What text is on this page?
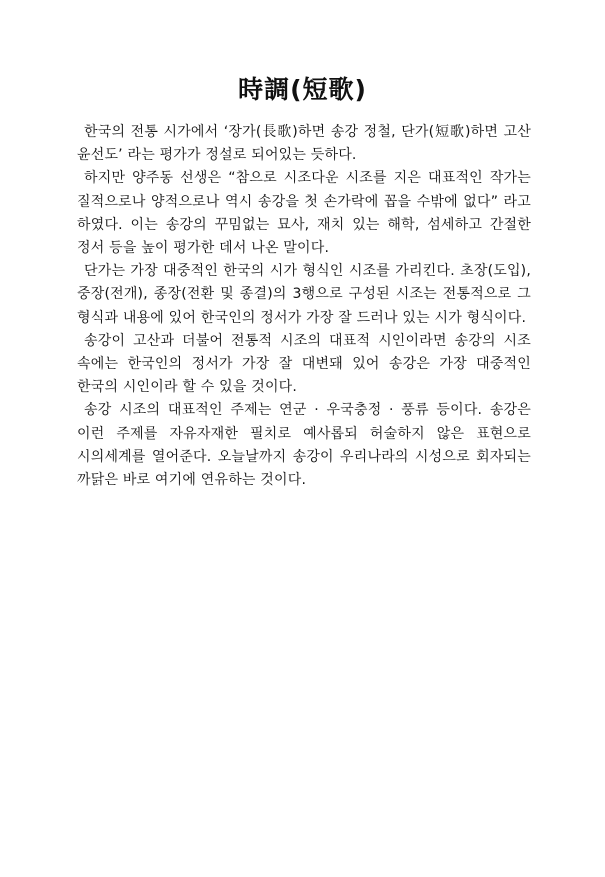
時調(短歌)

한국의 전통 시가에서 ‘장가(長歌)하면 송강 정철, 단가(短歌)하면 고산 윤선도’ 라는 평가가 정설로 되어있는 듯하다.

하지만 양주동 선생은 “참으로 시조다운 시조를 지은 대표적인 작가는 질적으로나 양적으로나 역시 송강을 첫 손가락에 꼽을 수밖에 없다” 라고 하였다. 이는 송강의 꾸밈없는 묘사, 재치 있는 해학, 섬세하고 간절한 정서 등을 높이 평가한 데서 나온 말이다.

단가는 가장 대중적인 한국의 시가 형식인 시조를 가리킨다. 초장(도입), 중장(전개), 종장(전환 및 종결)의 3행으로 구성된 시조는 전통적으로 그 형식과 내용에 있어 한국인의 정서가 가장 잘 드러나 있는 시가 형식이다.

송강이 고산과 더불어 전통적 시조의 대표적 시인이라면 송강의 시조 속에는 한국인의 정서가 가장 잘 대변돼 있어 송강은 가장 대중적인 한국의 시인이라 할 수 있을 것이다.

송강 시조의 대표적인 주제는 연군 · 우국충정 · 풍류 등이다. 송강은 이런 주제를 자유자재한 필치로 예사롭되 허술하지 않은 표현으로 시의세계를 열어준다. 오늘날까지 송강이 우리나라의 시성으로 회자되는 까닭은 바로 여기에 연유하는 것이다.
